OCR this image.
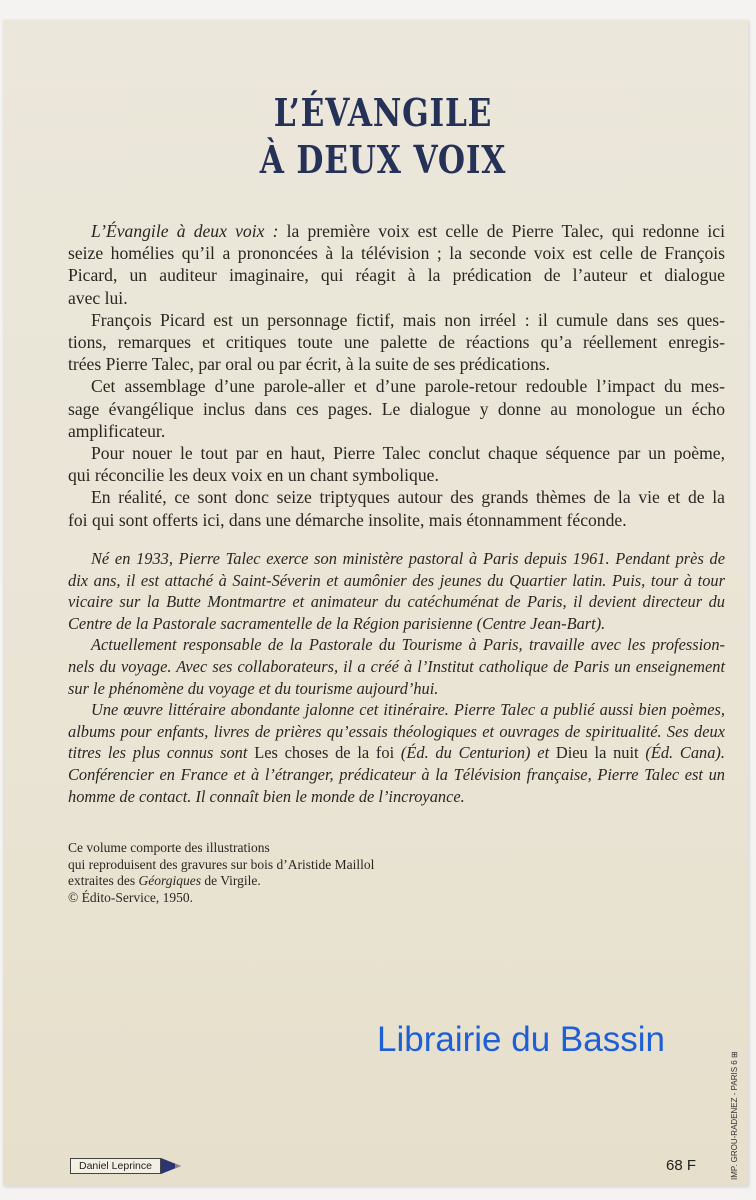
L’ÉVANGILE
À DEUX VOIX
L’Évangile à deux voix : la première voix est celle de Pierre Talec, qui redonne ici
seize homélies qu’il a prononcées à la télévision ; la seconde voix est celle de François
Picard, un auditeur imaginaire, qui réagit à la prédication de l’auteur et dialogue
avec lui.
François Picard est un personnage fictif, mais non irréel : il cumule dans ses ques-
tions, remarques et critiques toute une palette de réactions qu’a réellement enregis-
trées Pierre Talec, par oral ou par écrit, à la suite de ses prédications.
Cet assemblage d’une parole-aller et d’une parole-retour redouble l’impact du mes-
sage évangélique inclus dans ces pages. Le dialogue y donne au monologue un écho
amplificateur.
Pour nouer le tout par en haut, Pierre Talec conclut chaque séquence par un poème,
qui réconcilie les deux voix en un chant symbolique.
En réalité, ce sont donc seize triptyques autour des grands thèmes de la vie et de la
foi qui sont offerts ici, dans une démarche insolite, mais étonnamment féconde.
Né en 1933, Pierre Talec exerce son ministère pastoral à Paris depuis 1961. Pendant près de
dix ans, il est attaché à Saint-Séverin et aumônier des jeunes du Quartier latin. Puis, tour à tour
vicaire sur la Butte Montmartre et animateur du catéchuménat de Paris, il devient directeur du
Centre de la Pastorale sacramentelle de la Région parisienne (Centre Jean-Bart).
Actuellement responsable de la Pastorale du Tourisme à Paris, travaille avec les profession-
nels du voyage. Avec ses collaborateurs, il a créé à l’Institut catholique de Paris un enseignement
sur le phénomène du voyage et du tourisme aujourd’hui.
Une œuvre littéraire abondante jalonne cet itinéraire. Pierre Talec a publié aussi bien poèmes,
albums pour enfants, livres de prières qu’essais théologiques et ouvrages de spiritualité. Ses deux
titres les plus connus sont Les choses de la foi (Éd. du Centurion) et Dieu la nuit (Éd. Cana).
Conférencier en France et à l’étranger, prédicateur à la Télévision française, Pierre Talec est un
homme de contact. Il connaît bien le monde de l’incroyance.
Ce volume comporte des illustrations
qui reproduisent des gravures sur bois d’Aristide Maillol
extraites des Géorgiques de Virgile.
© Édito-Service, 1950.
Librairie du Bassin
IMP. GROU-RADENEZ - PARIS 6 ⊞
Daniel Leprince	68 F
